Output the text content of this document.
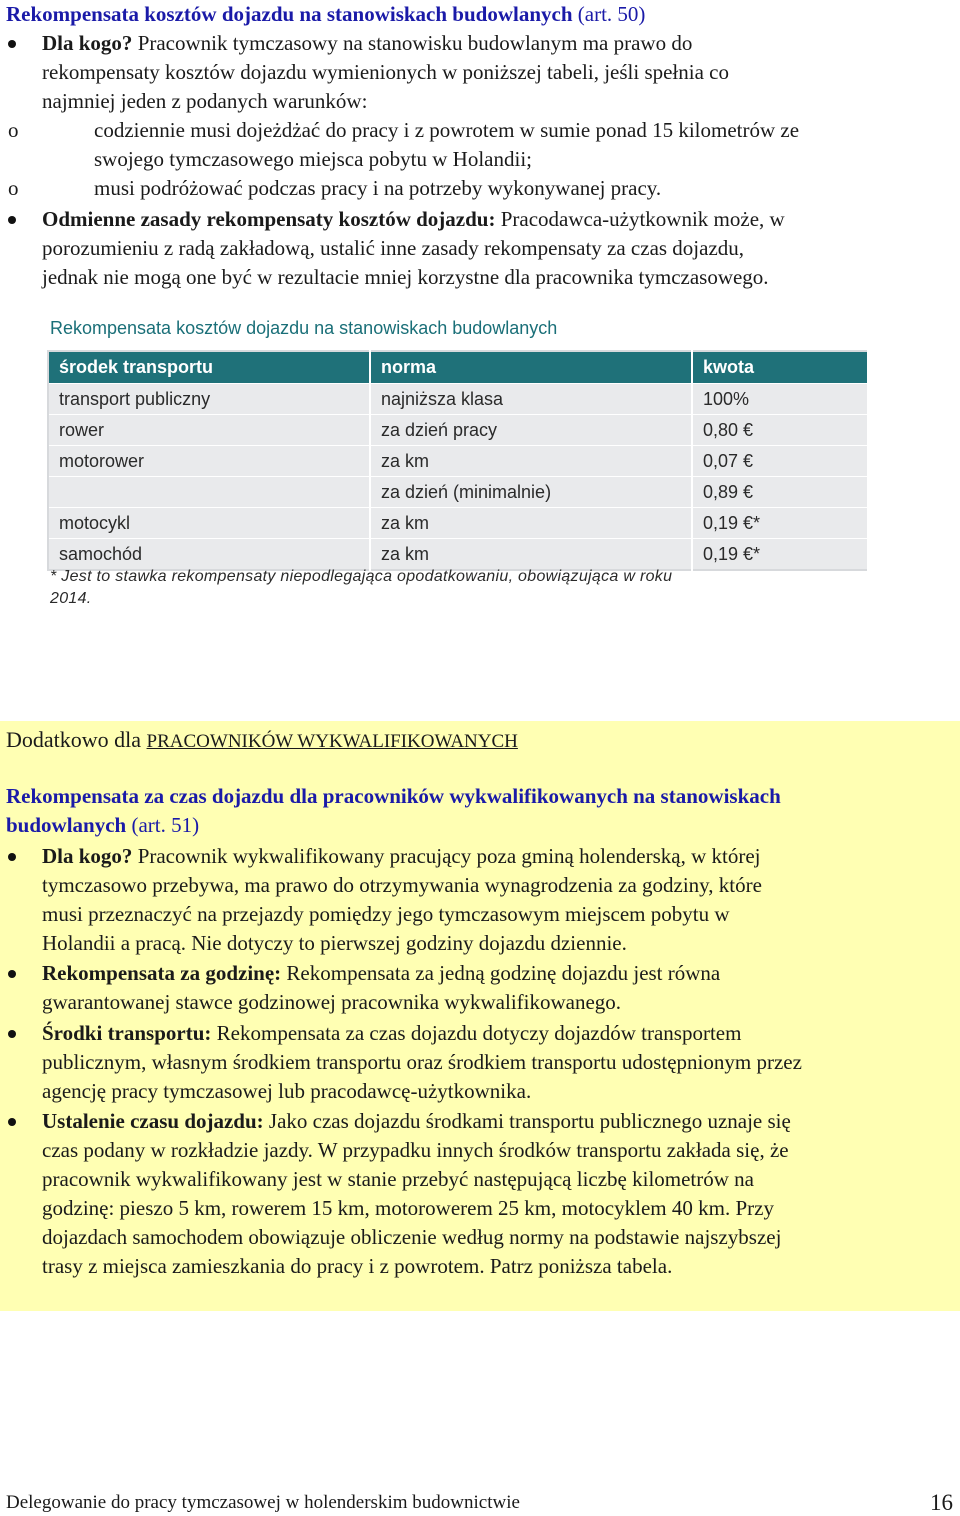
Rekompensata kosztów dojazdu na stanowiskach budowlanych (art. 50)
Dla kogo? Pracownik tymczasowy na stanowisku budowlanym ma prawo do
rekompensaty kosztów dojazdu wymienionych w poniższej tabeli, jeśli spełnia co
najmniej jeden z podanych warunków:
o	codziennie musi dojeżdżać do pracy i z powrotem w sumie ponad 15 kilometrów ze
swojego tymczasowego miejsca pobytu w Holandii;
o	musi podróżować podczas pracy i na potrzeby wykonywanej pracy.
Odmienne zasady rekompensaty kosztów dojazdu: Pracodawca-użytkownik może, w
porozumieniu z radą zakładową, ustalić inne zasady rekompensaty za czas dojazdu,
jednak nie mogą one być w rezultacie mniej korzystne dla pracownika tymczasowego.
Rekompensata kosztów dojazdu na stanowiskach budowlanych
środek transportu	norma	kwota
transport publiczny	najniższa klasa	100%
rower	za dzień pracy	0,80 €
motorower	za km	0,07 €
	za dzień (minimalnie)	0,89 €
motocykl	za km	0,19 €*
samochód	za km	0,19 €*
* Jest to stawka rekompensaty niepodlegająca opodatkowaniu, obowiązująca w roku
2014.
Dodatkowo dla PRACOWNIKÓW WYKWALIFIKOWANYCH
Rekompensata za czas dojazdu dla pracowników wykwalifikowanych na stanowiskach
budowlanych (art. 51)
Dla kogo? Pracownik wykwalifikowany pracujący poza gminą holenderską, w której
tymczasowo przebywa, ma prawo do otrzymywania wynagrodzenia za godziny, które
musi przeznaczyć na przejazdy pomiędzy jego tymczasowym miejscem pobytu w
Holandii a pracą. Nie dotyczy to pierwszej godziny dojazdu dziennie.
Rekompensata za godzinę: Rekompensata za jedną godzinę dojazdu jest równa
gwarantowanej stawce godzinowej pracownika wykwalifikowanego.
Środki transportu: Rekompensata za czas dojazdu dotyczy dojazdów transportem
publicznym, własnym środkiem transportu oraz środkiem transportu udostępnionym przez
agencję pracy tymczasowej lub pracodawcę-użytkownika.
Ustalenie czasu dojazdu: Jako czas dojazdu środkami transportu publicznego uznaje się
czas podany w rozkładzie jazdy. W przypadku innych środków transportu zakłada się, że
pracownik wykwalifikowany jest w stanie przebyć następującą liczbę kilometrów na
godzinę: pieszo 5 km, rowerem 15 km, motorowerem 25 km, motocyklem 40 km. Przy
dojazdach samochodem obowiązuje obliczenie według normy na podstawie najszybszej
trasy z miejsca zamieszkania do pracy i z powrotem. Patrz poniższa tabela.
Delegowanie do pracy tymczasowej w holenderskim budownictwie	16
